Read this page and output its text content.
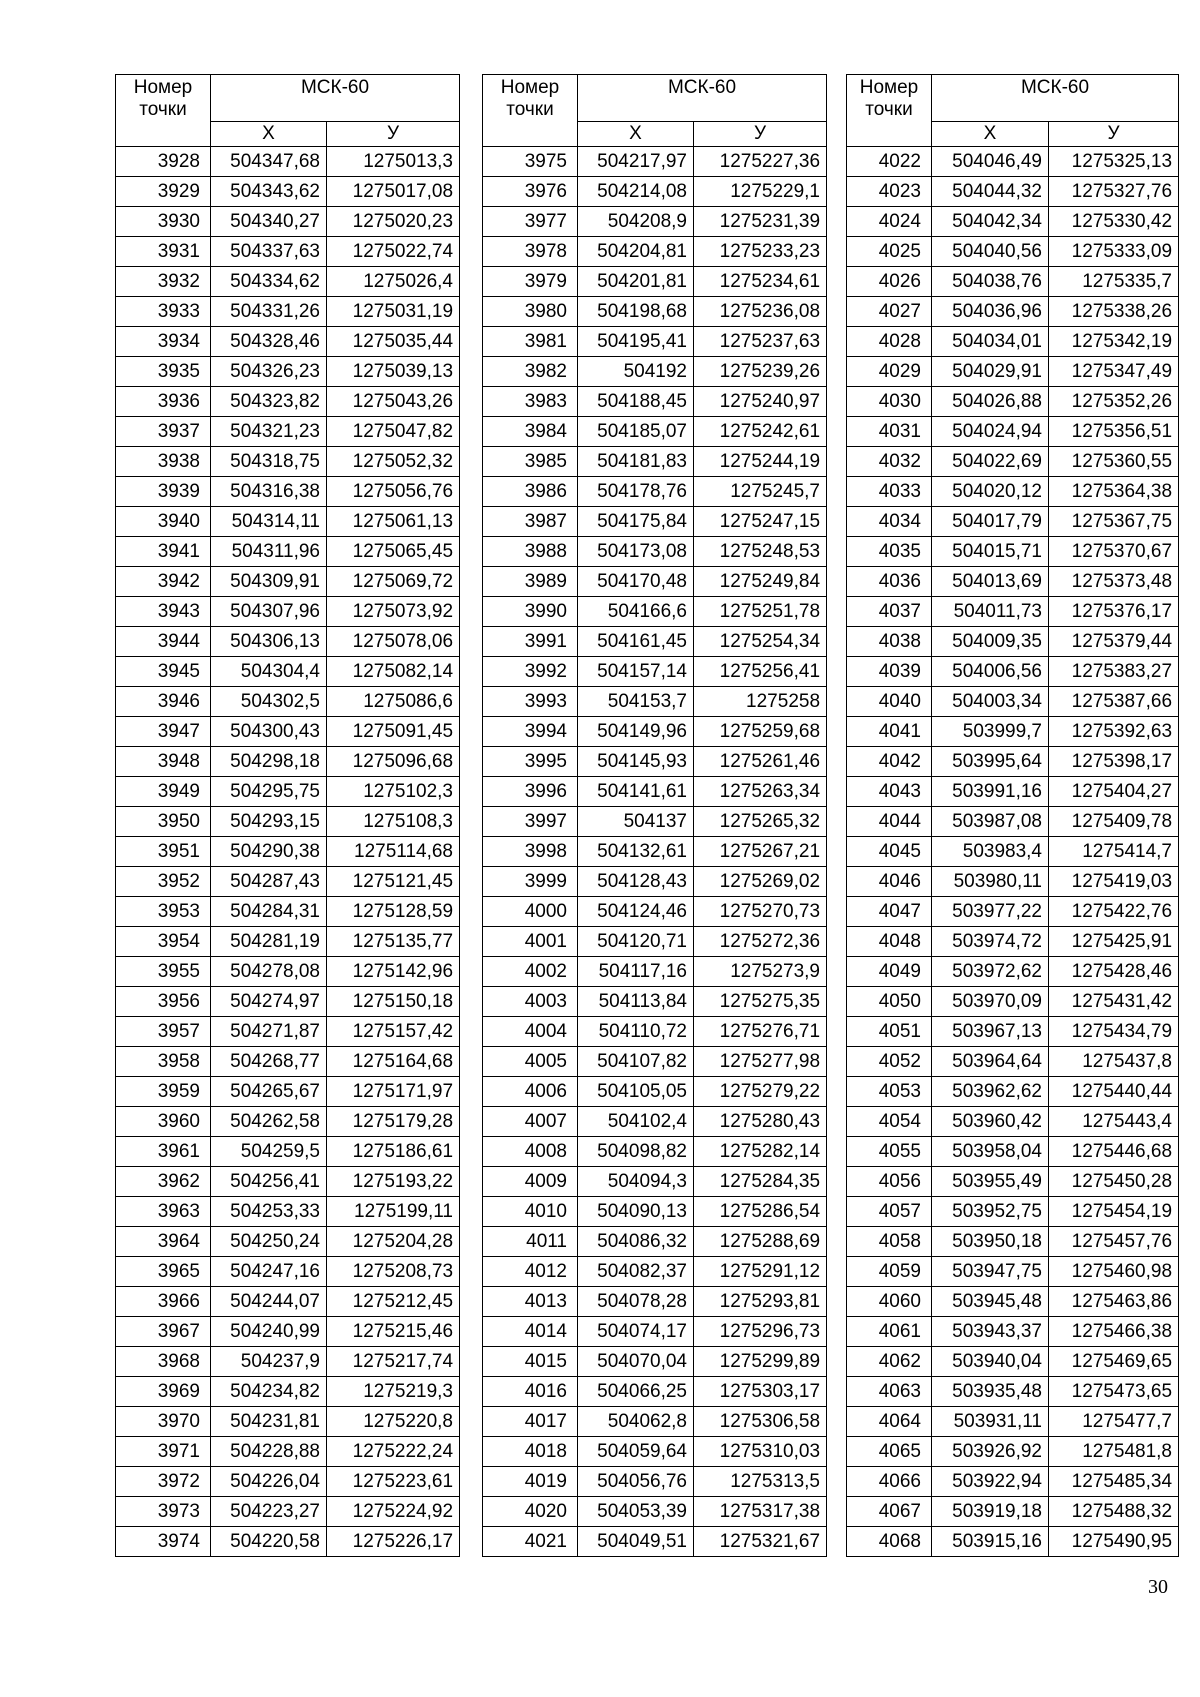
Номер точки	МСК-60	
	X	У
3928	504347,68	1275013,3
3929	504343,62	1275017,08
3930	504340,27	1275020,23
3931	504337,63	1275022,74
3932	504334,62	1275026,4
3933	504331,26	1275031,19
3934	504328,46	1275035,44
3935	504326,23	1275039,13
3936	504323,82	1275043,26
3937	504321,23	1275047,82
3938	504318,75	1275052,32
3939	504316,38	1275056,76
3940	504314,11	1275061,13
3941	504311,96	1275065,45
3942	504309,91	1275069,72
3943	504307,96	1275073,92
3944	504306,13	1275078,06
3945	504304,4	1275082,14
3946	504302,5	1275086,6
3947	504300,43	1275091,45
3948	504298,18	1275096,68
3949	504295,75	1275102,3
3950	504293,15	1275108,3
3951	504290,38	1275114,68
3952	504287,43	1275121,45
3953	504284,31	1275128,59
3954	504281,19	1275135,77
3955	504278,08	1275142,96
3956	504274,97	1275150,18
3957	504271,87	1275157,42
3958	504268,77	1275164,68
3959	504265,67	1275171,97
3960	504262,58	1275179,28
3961	504259,5	1275186,61
3962	504256,41	1275193,22
3963	504253,33	1275199,11
3964	504250,24	1275204,28
3965	504247,16	1275208,73
3966	504244,07	1275212,45
3967	504240,99	1275215,46
3968	504237,9	1275217,74
3969	504234,82	1275219,3
3970	504231,81	1275220,8
3971	504228,88	1275222,24
3972	504226,04	1275223,61
3973	504223,27	1275224,92
3974	504220,58	1275226,17
Номер точки	МСК-60	
	X	У
3975	504217,97	1275227,36
3976	504214,08	1275229,1
3977	504208,9	1275231,39
3978	504204,81	1275233,23
3979	504201,81	1275234,61
3980	504198,68	1275236,08
3981	504195,41	1275237,63
3982	504192	1275239,26
3983	504188,45	1275240,97
3984	504185,07	1275242,61
3985	504181,83	1275244,19
3986	504178,76	1275245,7
3987	504175,84	1275247,15
3988	504173,08	1275248,53
3989	504170,48	1275249,84
3990	504166,6	1275251,78
3991	504161,45	1275254,34
3992	504157,14	1275256,41
3993	504153,7	1275258
3994	504149,96	1275259,68
3995	504145,93	1275261,46
3996	504141,61	1275263,34
3997	504137	1275265,32
3998	504132,61	1275267,21
3999	504128,43	1275269,02
4000	504124,46	1275270,73
4001	504120,71	1275272,36
4002	504117,16	1275273,9
4003	504113,84	1275275,35
4004	504110,72	1275276,71
4005	504107,82	1275277,98
4006	504105,05	1275279,22
4007	504102,4	1275280,43
4008	504098,82	1275282,14
4009	504094,3	1275284,35
4010	504090,13	1275286,54
4011	504086,32	1275288,69
4012	504082,37	1275291,12
4013	504078,28	1275293,81
4014	504074,17	1275296,73
4015	504070,04	1275299,89
4016	504066,25	1275303,17
4017	504062,8	1275306,58
4018	504059,64	1275310,03
4019	504056,76	1275313,5
4020	504053,39	1275317,38
4021	504049,51	1275321,67
Номер точки	МСК-60	
	X	У
4022	504046,49	1275325,13
4023	504044,32	1275327,76
4024	504042,34	1275330,42
4025	504040,56	1275333,09
4026	504038,76	1275335,7
4027	504036,96	1275338,26
4028	504034,01	1275342,19
4029	504029,91	1275347,49
4030	504026,88	1275352,26
4031	504024,94	1275356,51
4032	504022,69	1275360,55
4033	504020,12	1275364,38
4034	504017,79	1275367,75
4035	504015,71	1275370,67
4036	504013,69	1275373,48
4037	504011,73	1275376,17
4038	504009,35	1275379,44
4039	504006,56	1275383,27
4040	504003,34	1275387,66
4041	503999,7	1275392,63
4042	503995,64	1275398,17
4043	503991,16	1275404,27
4044	503987,08	1275409,78
4045	503983,4	1275414,7
4046	503980,11	1275419,03
4047	503977,22	1275422,76
4048	503974,72	1275425,91
4049	503972,62	1275428,46
4050	503970,09	1275431,42
4051	503967,13	1275434,79
4052	503964,64	1275437,8
4053	503962,62	1275440,44
4054	503960,42	1275443,4
4055	503958,04	1275446,68
4056	503955,49	1275450,28
4057	503952,75	1275454,19
4058	503950,18	1275457,76
4059	503947,75	1275460,98
4060	503945,48	1275463,86
4061	503943,37	1275466,38
4062	503940,04	1275469,65
4063	503935,48	1275473,65
4064	503931,11	1275477,7
4065	503926,92	1275481,8
4066	503922,94	1275485,34
4067	503919,18	1275488,32
4068	503915,16	1275490,95
30
